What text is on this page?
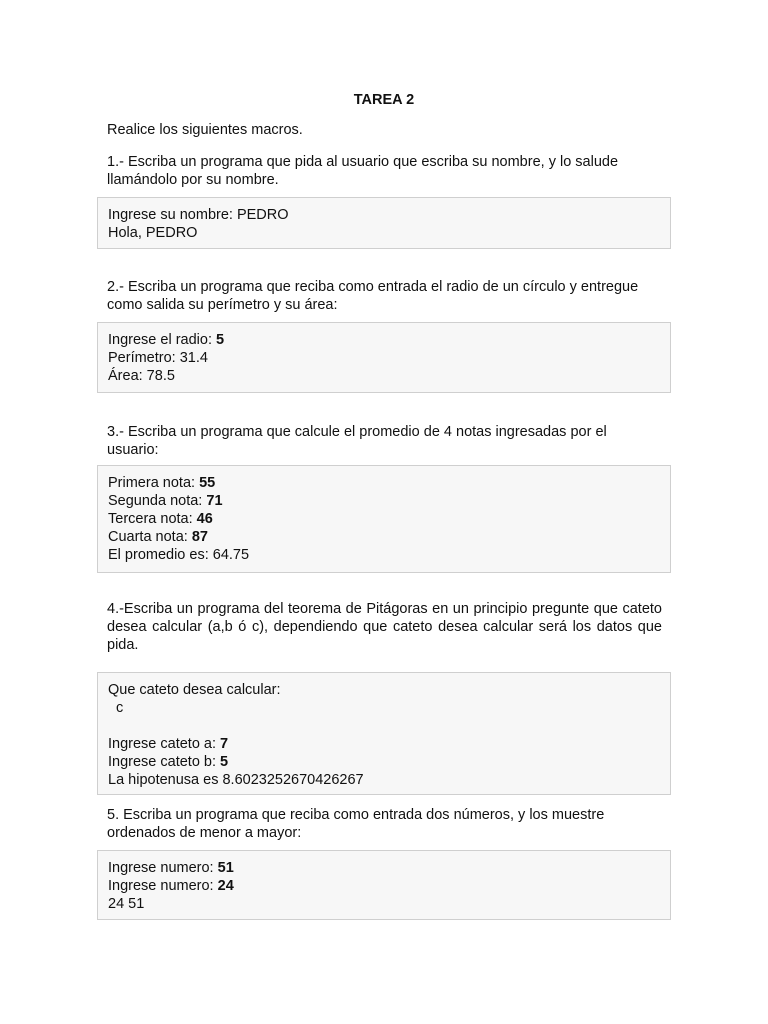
TAREA 2

Realice los siguientes macros.

1.- Escriba un programa que pida al usuario que escriba su nombre, y lo salude llamándolo por su nombre.

Ingrese su nombre: PEDRO
Hola, PEDRO

2.- Escriba un programa que reciba como entrada el radio de un círculo y entregue como salida su perímetro y su área:

Ingrese el radio: 5
Perímetro: 31.4
Área: 78.5

3.- Escriba un programa que calcule el promedio de 4 notas ingresadas por el usuario:

Primera nota: 55
Segunda nota: 71
Tercera nota: 46
Cuarta nota: 87
El promedio es: 64.75

4.-Escriba un programa del teorema de Pitágoras en un principio pregunte que cateto desea calcular (a,b ó c), dependiendo que cateto desea calcular será los datos que pida.

Que cateto desea calcular:
c
Ingrese cateto a: 7
Ingrese cateto b: 5
La hipotenusa es 8.6023252670426267

5. Escriba un programa que reciba como entrada dos números, y los muestre ordenados de menor a mayor:

Ingrese numero: 51
Ingrese numero: 24
24 51
